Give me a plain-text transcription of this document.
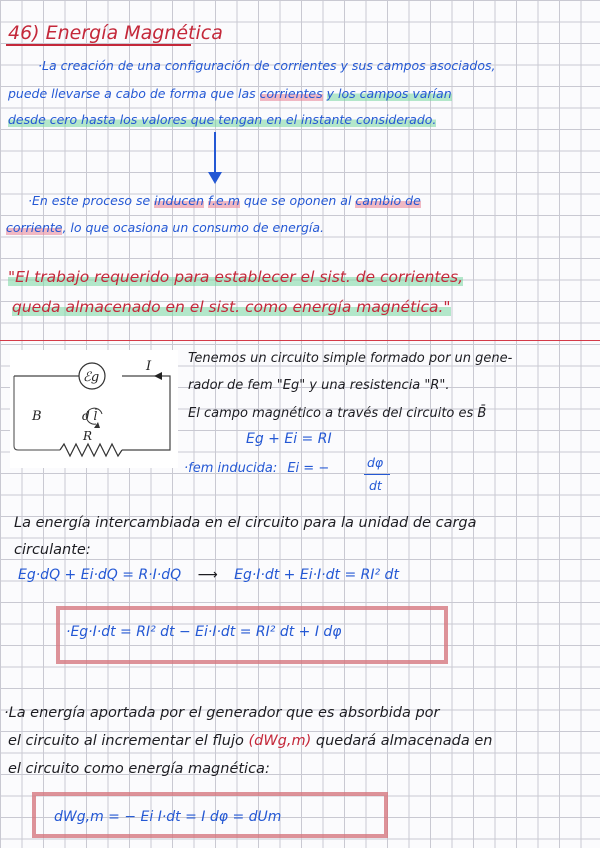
46) Energía Magnética
·La creación de una configuración de corrientes y sus campos asociados,
puede llevarse a cabo de forma que las corrientes y los campos varían
desde cero hasta los valores que tengan en el instante considerado.
·En este proceso se inducen f.e.m que se oponen al cambio de
corriente, lo que ocasiona un consumo de energía.
"El trabajo requerido para establecer el sist. de corrientes,
queda almacenado en el sist. como energía magnética."
ℰg
I
B	d l̄
R
Tenemos un circuito simple formado por un gene-
rador de fem "Eg" y una resistencia "R".
El campo magnético a través del circuito es B̄
Eg + Ei = RI
·fem inducida: Ei = −	dφ
dt
La energía intercambiada en el circuito para la unidad de carga
circulante:
Eg·dQ + Ei·dQ = R·I·dQ ⟶ Eg·I·dt + Ei·I·dt = RI² dt
·Eg·I·dt = RI² dt − Ei·I·dt = RI² dt + I dφ
·La energía aportada por el generador que es absorbida por
el circuito al incrementar el flujo (dWg,m) quedará almacenada en
el circuito como energía magnética:
dWg,m = − Ei I·dt = I dφ = dUm
